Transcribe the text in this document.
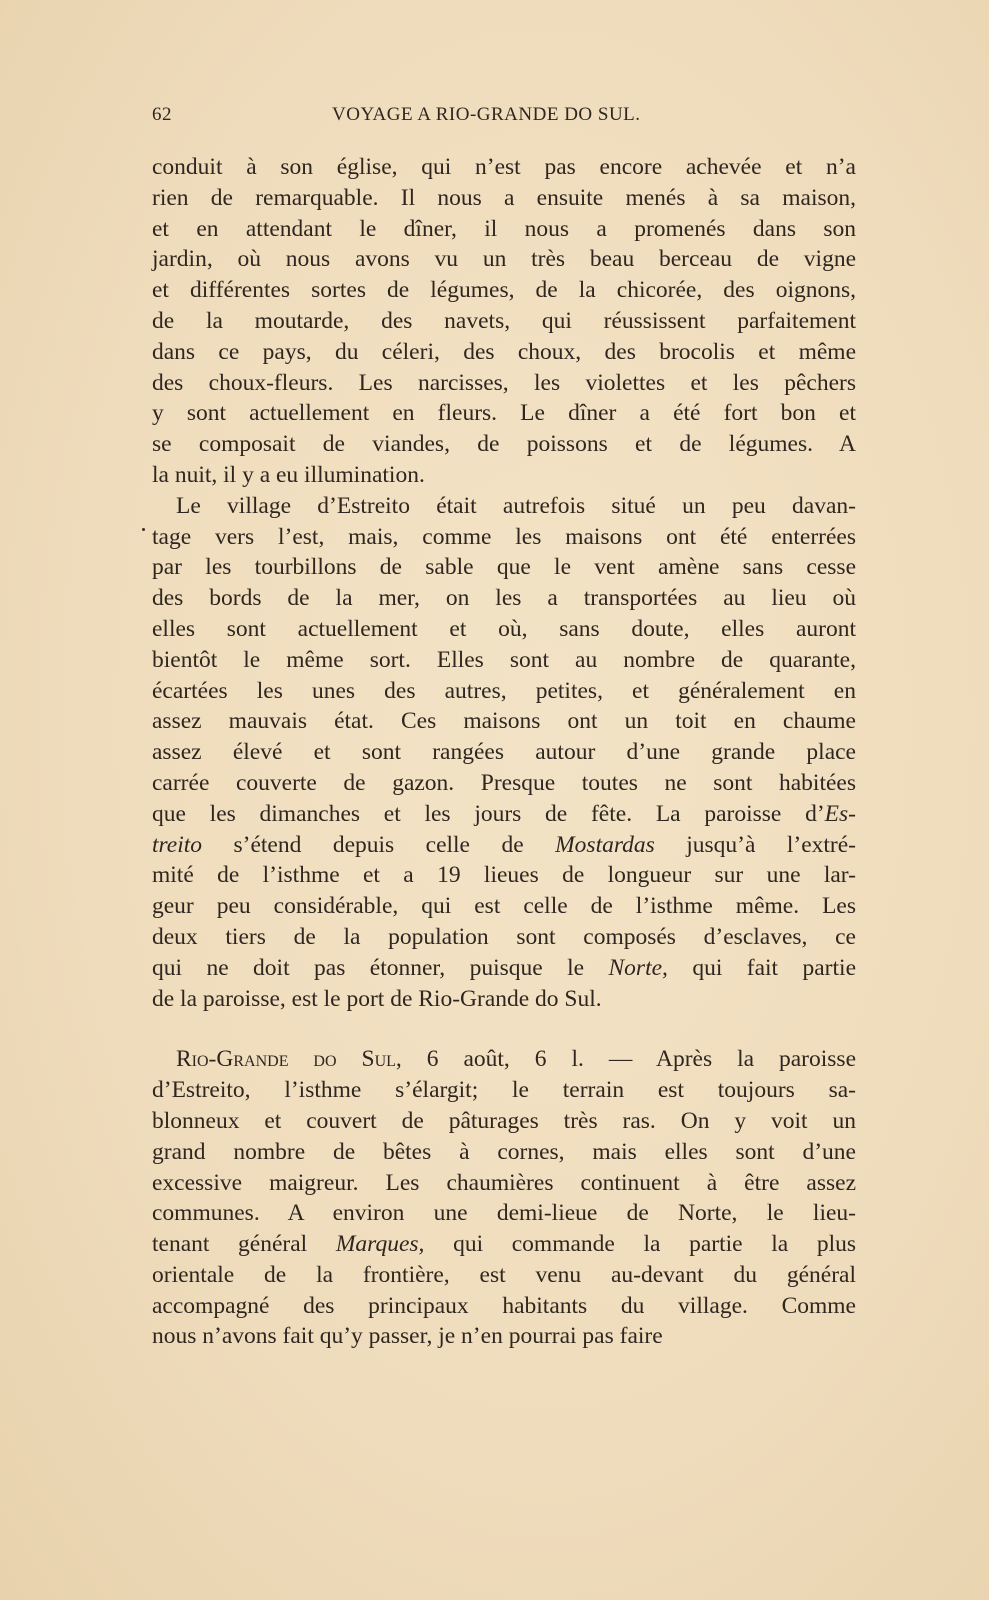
62	VOYAGE A RIO-GRANDE DO SUL.
conduit à son église, qui n’est pas encore achevée et n’a
rien de remarquable. Il nous a ensuite menés à sa maison,
et en attendant le dîner, il nous a promenés dans son
jardin, où nous avons vu un très beau berceau de vigne
et différentes sortes de légumes, de la chicorée, des oignons,
de la moutarde, des navets, qui réussissent parfaitement
dans ce pays, du céleri, des choux, des brocolis et même
des choux-fleurs. Les narcisses, les violettes et les pêchers
y sont actuellement en fleurs. Le dîner a été fort bon et
se composait de viandes, de poissons et de légumes. A
la nuit, il y a eu illumination.
Le village d’Estreito était autrefois situé un peu davan-
tage vers l’est, mais, comme les maisons ont été enterrées
par les tourbillons de sable que le vent amène sans cesse
des bords de la mer, on les a transportées au lieu où
elles sont actuellement et où, sans doute, elles auront
bientôt le même sort. Elles sont au nombre de quarante,
écartées les unes des autres, petites, et généralement en
assez mauvais état. Ces maisons ont un toit en chaume
assez élevé et sont rangées autour d’une grande place
carrée couverte de gazon. Presque toutes ne sont habitées
que les dimanches et les jours de fête. La paroisse d’Es-
treito s’étend depuis celle de Mostardas jusqu’à l’extré-
mité de l’isthme et a 19 lieues de longueur sur une lar-
geur peu considérable, qui est celle de l’isthme même. Les
deux tiers de la population sont composés d’esclaves, ce
qui ne doit pas étonner, puisque le Norte, qui fait partie
de la paroisse, est le port de Rio-Grande do Sul.
Rio-Grande do Sul, 6 août, 6 l. — Après la paroisse
d’Estreito, l’isthme s’élargit; le terrain est toujours sa-
blonneux et couvert de pâturages très ras. On y voit un
grand nombre de bêtes à cornes, mais elles sont d’une
excessive maigreur. Les chaumières continuent à être assez
communes. A environ une demi-lieue de Norte, le lieu-
tenant général Marques, qui commande la partie la plus
orientale de la frontière, est venu au-devant du général
accompagné des principaux habitants du village. Comme
nous n’avons fait qu’y passer, je n’en pourrai pas faire
